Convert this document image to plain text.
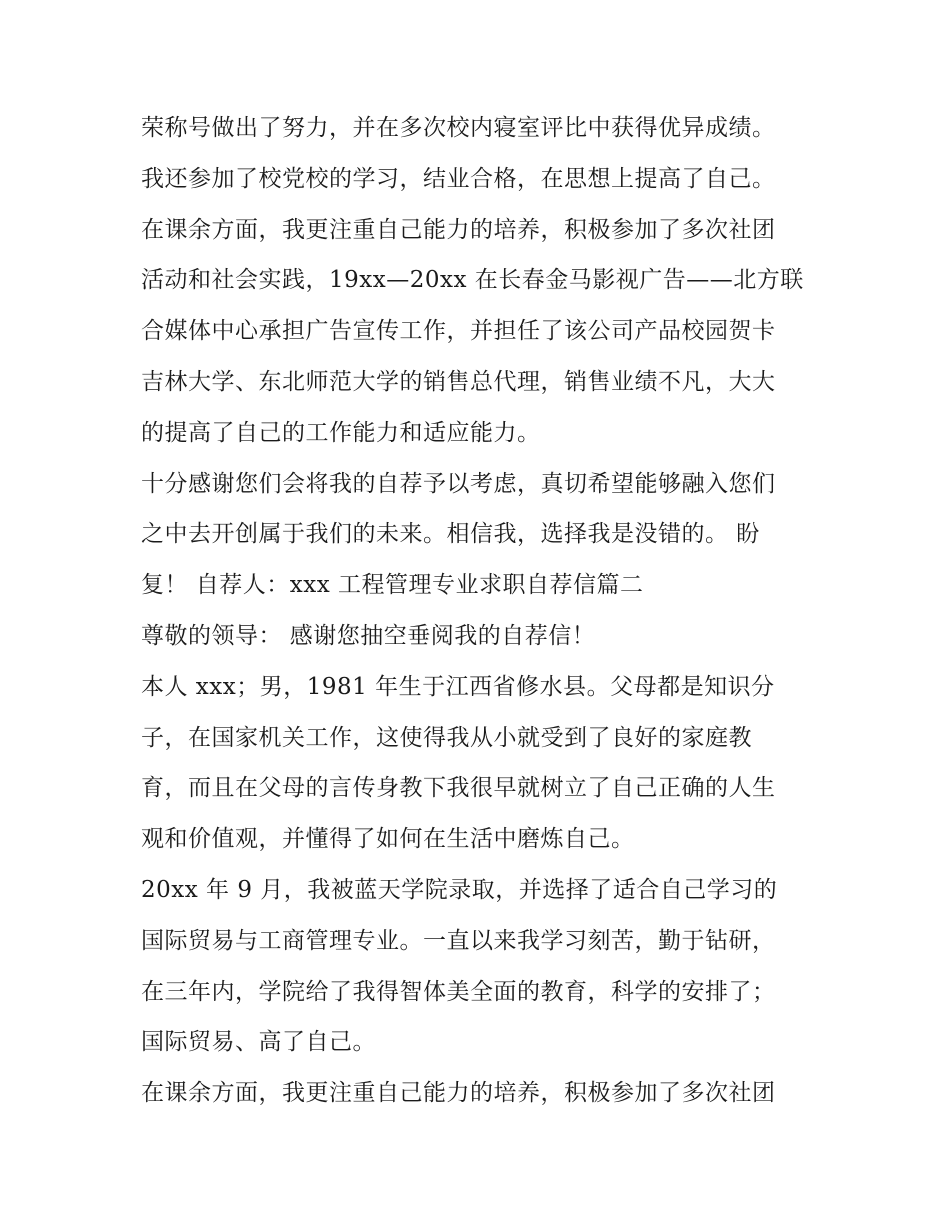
荣称号做出了努力，并在多次校内寝室评比中获得优异成绩。
我还参加了校党校的学习，结业合格，在思想上提高了自己。
在课余方面，我更注重自己能力的培养，积极参加了多次社团
活动和社会实践，19xx—20xx 在长春金马影视广告——北方联
合媒体中心承担广告宣传工作，并担任了该公司产品校园贺卡
吉林大学、东北师范大学的销售总代理，销售业绩不凡，大大
的提高了自己的工作能力和适应能力。
十分感谢您们会将我的自荐予以考虑，真切希望能够融入您们
之中去开创属于我们的未来。相信我，选择我是没错的。 盼
复！ 自荐人：xxx 工程管理专业求职自荐信篇二
尊敬的领导： 感谢您抽空垂阅我的自荐信！
本人 xxx；男，1981 年生于江西省修水县。父母都是知识分
子，在国家机关工作，这使得我从小就受到了良好的家庭教
育，而且在父母的言传身教下我很早就树立了自己正确的人生
观和价值观，并懂得了如何在生活中磨炼自己。
20xx 年 9 月，我被蓝天学院录取，并选择了适合自己学习的
国际贸易与工商管理专业。一直以来我学习刻苦，勤于钻研，
在三年内，学院给了我得智体美全面的教育，科学的安排了；
国际贸易、高了自己。
在课余方面，我更注重自己能力的培养，积极参加了多次社团
